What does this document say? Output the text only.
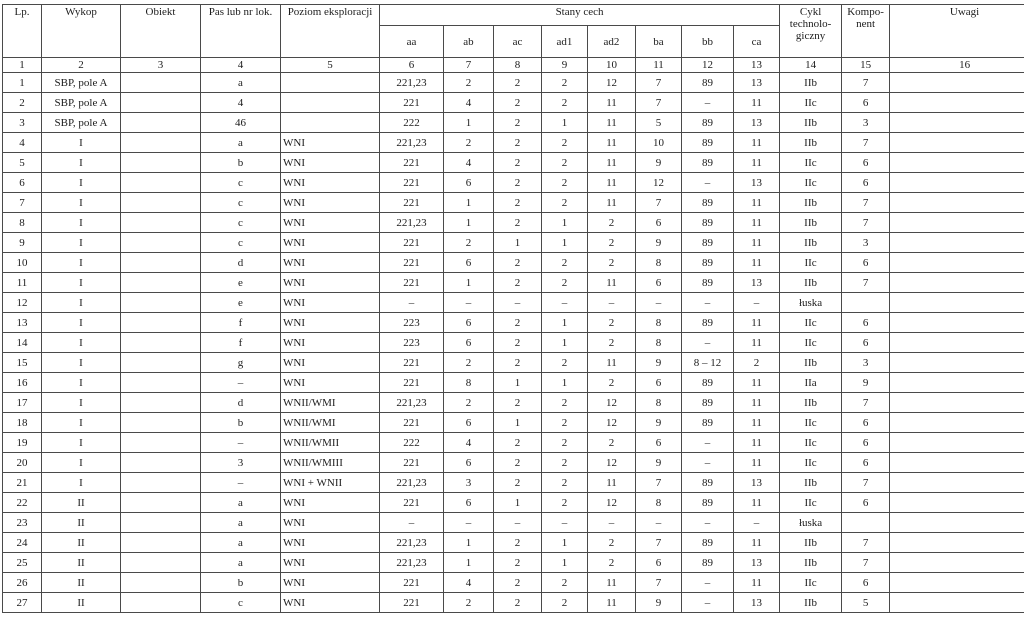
Lp.	Wykop	Obiekt	Pas lub nr lok.	Poziom eksploracji	Stany cech								Cykl technolo-giczny	Kompo-nent	Uwagi
					aa	ab	ac	ad1	ad2	ba	bb	ca			
1	2	3	4	5	6	7	8	9	10	11	12	13	14	15	16
1	SBP, pole A		a		221,23	2	2	2	12	7	89	13	IIb	7	
2	SBP, pole A		4		221	4	2	2	11	7	–	11	IIc	6	
3	SBP, pole A		46		222	1	2	1	11	5	89	13	IIb	3	
4	I		a	WNI	221,23	2	2	2	11	10	89	11	IIb	7	
5	I		b	WNI	221	4	2	2	11	9	89	11	IIc	6	
6	I		c	WNI	221	6	2	2	11	12	–	13	IIc	6	
7	I		c	WNI	221	1	2	2	11	7	89	11	IIb	7	
8	I		c	WNI	221,23	1	2	1	2	6	89	11	IIb	7	
9	I		c	WNI	221	2	1	1	2	9	89	11	IIb	3	
10	I		d	WNI	221	6	2	2	2	8	89	11	IIc	6	
11	I		e	WNI	221	1	2	2	11	6	89	13	IIb	7	
12	I		e	WNI	–	–	–	–	–	–	–	–	łuska		
13	I		f	WNI	223	6	2	1	2	8	89	11	IIc	6	
14	I		f	WNI	223	6	2	1	2	8	–	11	IIc	6	
15	I		g	WNI	221	2	2	2	11	9	8 – 12	2	IIb	3	
16	I		–	WNI	221	8	1	1	2	6	89	11	IIa	9	
17	I		d	WNII/WMI	221,23	2	2	2	12	8	89	11	IIb	7	
18	I		b	WNII/WMI	221	6	1	2	12	9	89	11	IIc	6	
19	I		–	WNII/WMII	222	4	2	2	2	6	–	11	IIc	6	
20	I		3	WNII/WMIII	221	6	2	2	12	9	–	11	IIc	6	
21	I		–	WNI + WNII	221,23	3	2	2	11	7	89	13	IIb	7	
22	II		a	WNI	221	6	1	2	12	8	89	11	IIc	6	
23	II		a	WNI	–	–	–	–	–	–	–	–	łuska		
24	II		a	WNI	221,23	1	2	1	2	7	89	11	IIb	7	
25	II		a	WNI	221,23	1	2	1	2	6	89	13	IIb	7	
26	II		b	WNI	221	4	2	2	11	7	–	11	IIc	6	
27	II		c	WNI	221	2	2	2	11	9	–	13	IIb	5	
